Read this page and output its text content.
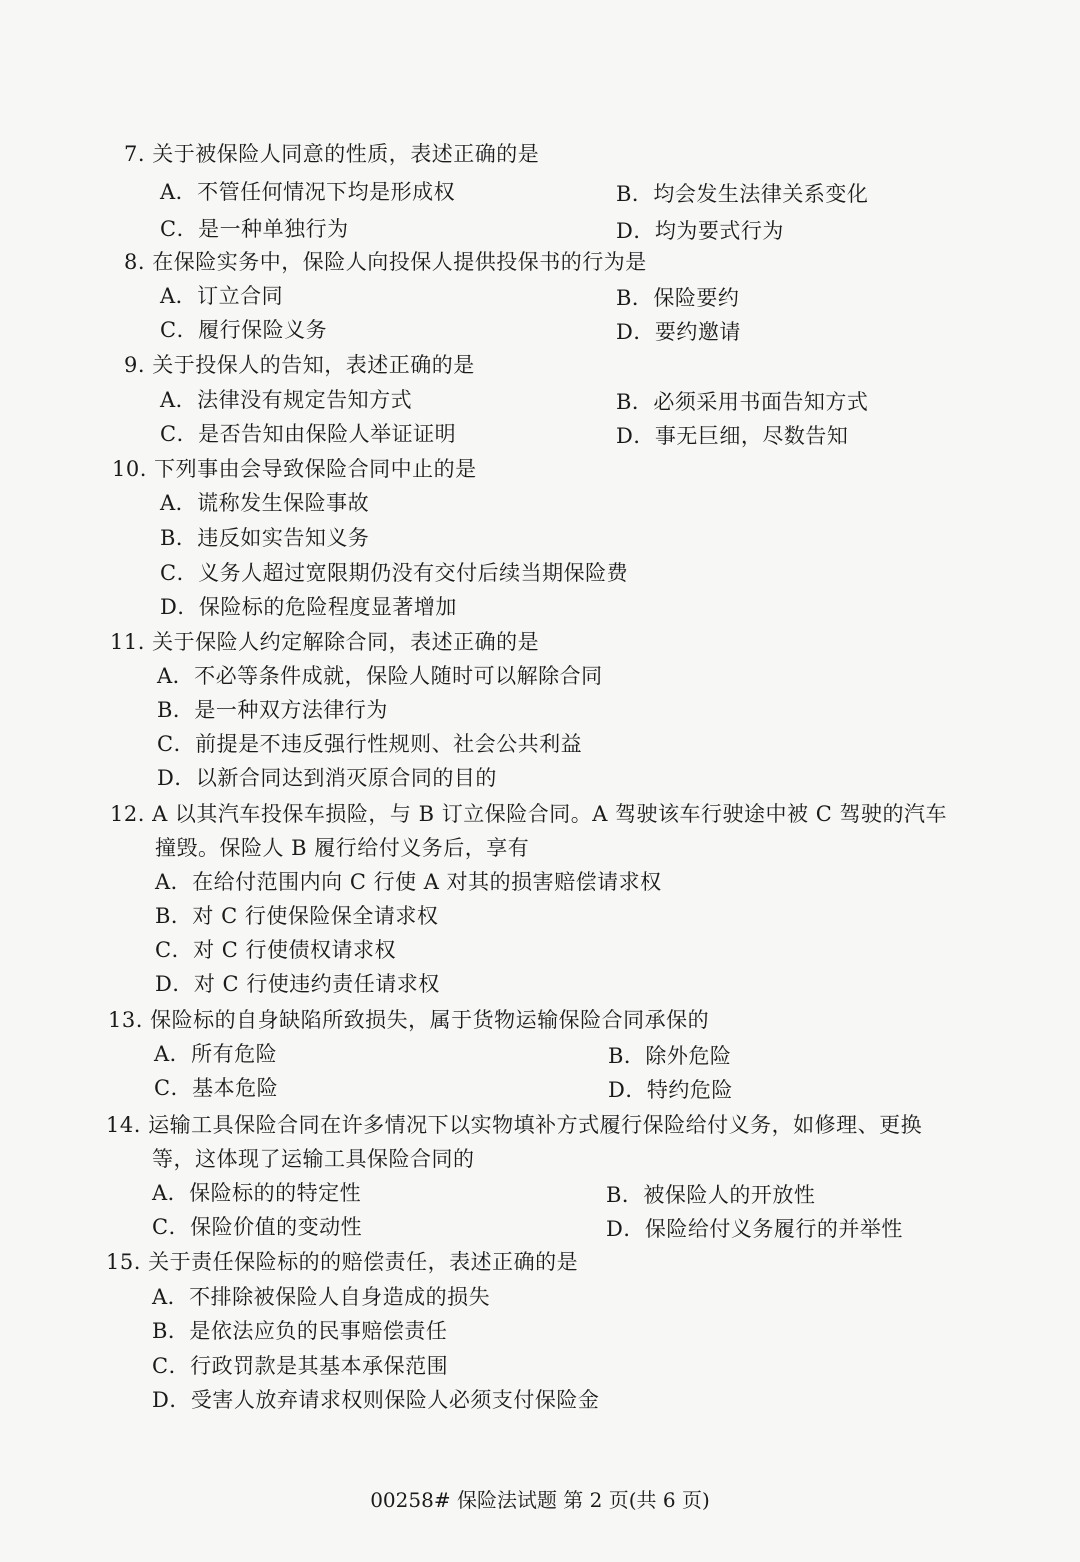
7. 关于被保险人同意的性质，表述正确的是
A．不管任何情况下均是形成权	B．均会发生法律关系变化
C．是一种单独行为	D．均为要式行为
8. 在保险实务中，保险人向投保人提供投保书的行为是
A．订立合同	B．保险要约
C．履行保险义务	D．要约邀请
9. 关于投保人的告知，表述正确的是
A．法律没有规定告知方式	B．必须采用书面告知方式
C．是否告知由保险人举证证明	D．事无巨细，尽数告知
10. 下列事由会导致保险合同中止的是
A．谎称发生保险事故
B．违反如实告知义务
C．义务人超过宽限期仍没有交付后续当期保险费
D．保险标的危险程度显著增加
11. 关于保险人约定解除合同，表述正确的是
A．不必等条件成就，保险人随时可以解除合同
B．是一种双方法律行为
C．前提是不违反强行性规则、社会公共利益
D．以新合同达到消灭原合同的目的
12. A 以其汽车投保车损险，与 B 订立保险合同。A 驾驶该车行驶途中被 C 驾驶的汽车
撞毁。保险人 B 履行给付义务后，享有
A．在给付范围内向 C 行使 A 对其的损害赔偿请求权
B．对 C 行使保险保全请求权
C．对 C 行使债权请求权
D．对 C 行使违约责任请求权
13. 保险标的自身缺陷所致损失，属于货物运输保险合同承保的
A．所有危险	B．除外危险
C．基本危险	D．特约危险
14. 运输工具保险合同在许多情况下以实物填补方式履行保险给付义务，如修理、更换
等，这体现了运输工具保险合同的
A．保险标的的特定性	B．被保险人的开放性
C．保险价值的变动性	D．保险给付义务履行的并举性
15. 关于责任保险标的的赔偿责任，表述正确的是
A．不排除被保险人自身造成的损失
B．是依法应负的民事赔偿责任
C．行政罚款是其基本承保范围
D．受害人放弃请求权则保险人必须支付保险金
00258# 保险法试题 第 2 页(共 6 页)
